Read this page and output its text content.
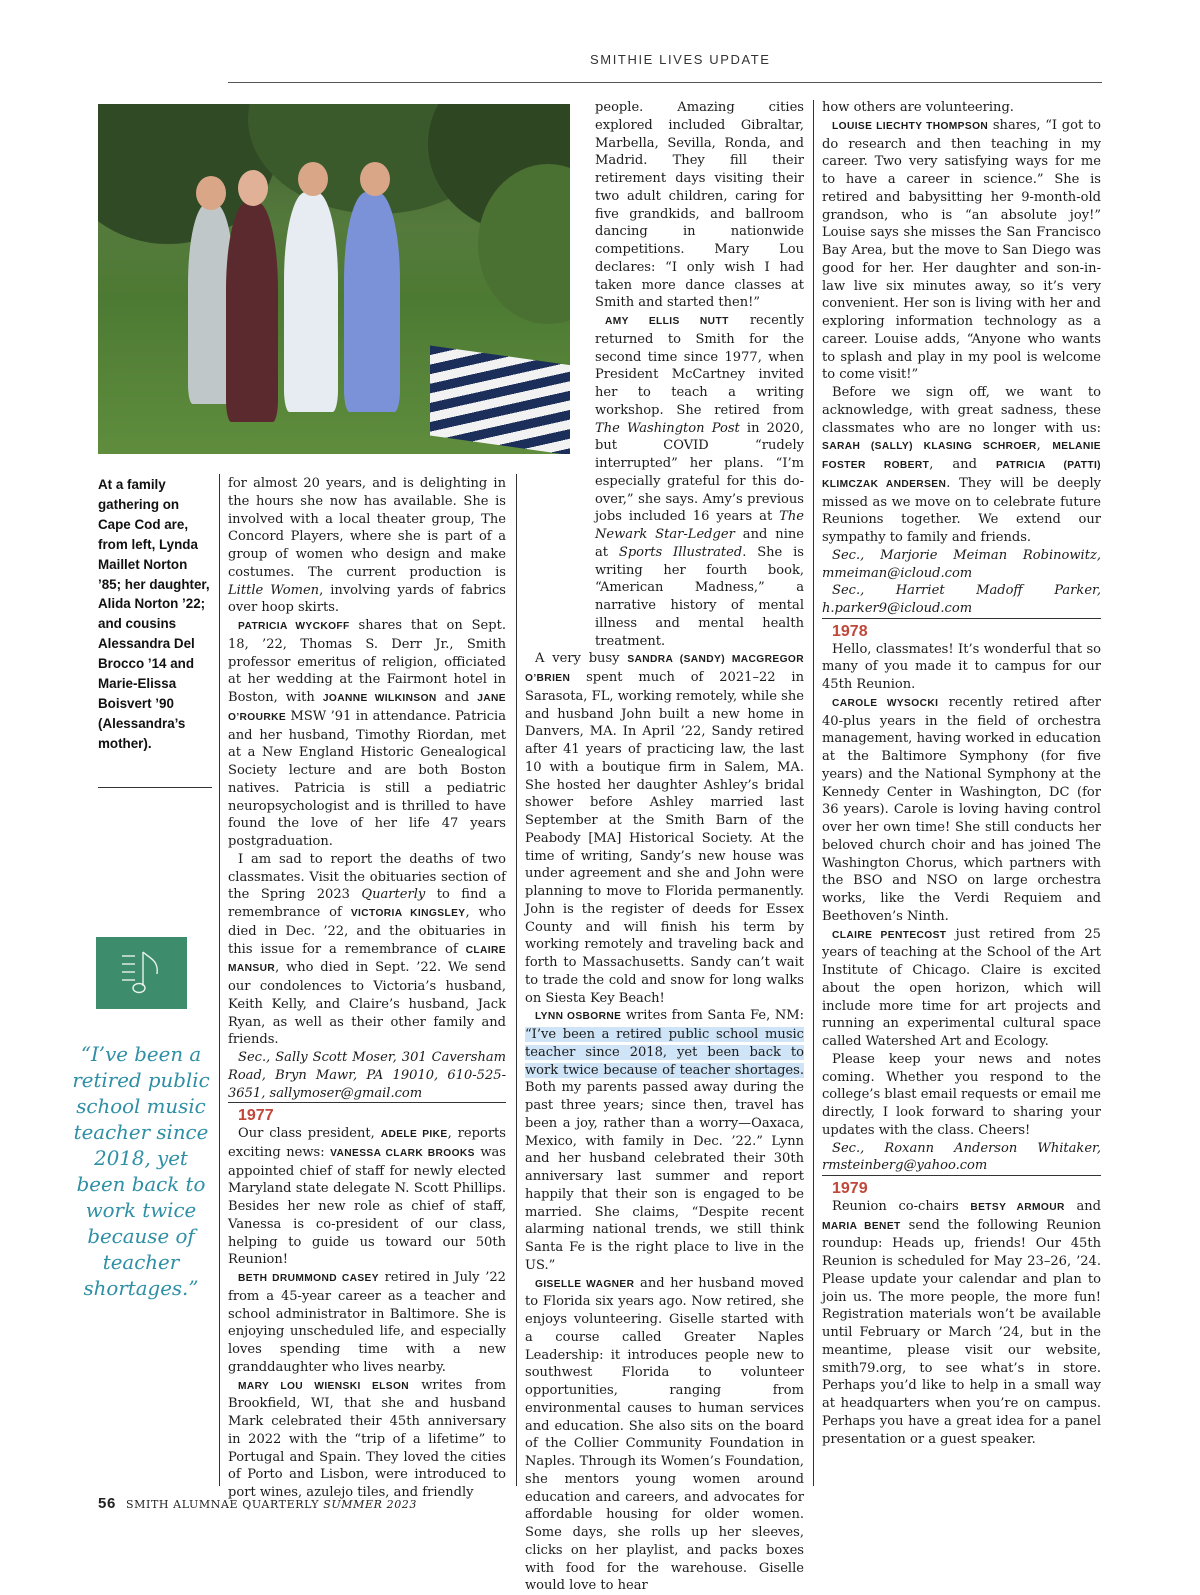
SMITHIE LIVES UPDATE

At a family gathering on Cape Cod are, from left, Lynda Maillet Norton ’85; her daughter, Alida Norton ’22; and cousins Alessandra Del Brocco ’14 and Marie-Elissa Boisvert ’90 (Alessandra’s mother).

“I’ve been a retired public school music teacher since 2018, yet been back to work twice because of teacher shortages.”

for almost 20 years, and is delighting in the hours she now has available. She is involved with a local theater group, The Concord Players, where she is part of a group of women who design and make costumes. The current production is Little Women, involving yards of fabrics over hoop skirts.

PATRICIA WYCKOFF shares that on Sept. 18, ’22, Thomas S. Derr Jr., Smith professor emeritus of religion, officiated at her wedding at the Fairmont hotel in Boston, with JOANNE WILKINSON and JANE O’ROURKE MSW ’91 in attendance. Patricia and her husband, Timothy Riordan, met at a New England Historic Genealogical Society lecture and are both Boston natives. Patricia is still a pediatric neuropsychologist and is thrilled to have found the love of her life 47 years postgraduation.

I am sad to report the deaths of two classmates. Visit the obituaries section of the Spring 2023 Quarterly to find a remembrance of VICTORIA KINGSLEY, who died in Dec. ’22, and the obituaries in this issue for a remembrance of CLAIRE MANSUR, who died in Sept. ’22. We send our condolences to Victoria’s husband, Keith Kelly, and Claire’s husband, Jack Ryan, as well as their other family and friends.

Sec., Sally Scott Moser, 301 Caversham Road, Bryn Mawr, PA 19010, 610-525-3651, sallymoser@gmail.com

1977

Our class president, ADELE PIKE, reports exciting news: VANESSA CLARK BROOKS was appointed chief of staff for newly elected Maryland state delegate N. Scott Phillips. Besides her new role as chief of staff, Vanessa is co-president of our class, helping to guide us toward our 50th Reunion!

BETH DRUMMOND CASEY retired in July ’22 from a 45-year career as a teacher and school administrator in Baltimore. She is enjoying unscheduled life, and especially loves spending time with a new granddaughter who lives nearby.

MARY LOU WIENSKI ELSON writes from Brookfield, WI, that she and husband Mark celebrated their 45th anniversary in 2022 with the “trip of a lifetime” to Portugal and Spain. They loved the cities of Porto and Lisbon, were introduced to port wines, azulejo tiles, and friendly

people. Amazing cities explored included Gibraltar, Marbella, Sevilla, Ronda, and Madrid. They fill their retirement days visiting their two adult children, caring for five grandkids, and ballroom dancing in nationwide competitions. Mary Lou declares: “I only wish I had taken more dance classes at Smith and started then!”

AMY ELLIS NUTT recently returned to Smith for the second time since 1977, when President McCartney invited her to teach a writing workshop. She retired from The Washington Post in 2020, but COVID “rudely interrupted” her plans. “I’m especially grateful for this do-over,” she says. Amy’s previous jobs included 16 years at The Newark Star-Ledger and nine at Sports Illustrated. She is writing her fourth book, “American Madness,” a narrative history of mental illness and mental health treatment.

A very busy SANDRA (SANDY) MACGREGOR O’BRIEN spent much of 2021–22 in Sarasota, FL, working remotely, while she and husband John built a new home in Danvers, MA. In April ’22, Sandy retired after 41 years of practicing law, the last 10 with a boutique firm in Salem, MA. She hosted her daughter Ashley’s bridal shower before Ashley married last September at the Smith Barn of the Peabody [MA] Historical Society. At the time of writing, Sandy’s new house was under agreement and she and John were planning to move to Florida permanently. John is the register of deeds for Essex County and will finish his term by working remotely and traveling back and forth to Massachusetts. Sandy can’t wait to trade the cold and snow for long walks on Siesta Key Beach!

LYNN OSBORNE writes from Santa Fe, NM: “I’ve been a retired public school music teacher since 2018, yet been back to work twice because of teacher shortages. Both my parents passed away during the past three years; since then, travel has been a joy, rather than a worry—Oaxaca, Mexico, with family in Dec. ’22.” Lynn and her husband celebrated their 30th anniversary last summer and report happily that their son is engaged to be married. She claims, “Despite recent alarming national trends, we still think Santa Fe is the right place to live in the US.”

GISELLE WAGNER and her husband moved to Florida six years ago. Now retired, she enjoys volunteering. Giselle started with a course called Greater Naples Leadership: it introduces people new to southwest Florida to volunteer opportunities, ranging from environmental causes to human services and education. She also sits on the board of the Collier Community Foundation in Naples. Through its Women’s Foundation, she mentors young women around education and careers, and advocates for affordable housing for older women. Some days, she rolls up her sleeves, clicks on her playlist, and packs boxes with food for the warehouse. Giselle would love to hear

how others are volunteering.

LOUISE LIECHTY THOMPSON shares, “I got to do research and then teaching in my career. Two very satisfying ways for me to have a career in science.” She is retired and babysitting her 9-month-old grandson, who is “an absolute joy!” Louise says she misses the San Francisco Bay Area, but the move to San Diego was good for her. Her daughter and son-in-law live six minutes away, so it’s very convenient. Her son is living with her and exploring information technology as a career. Louise adds, “Anyone who wants to splash and play in my pool is welcome to come visit!”

Before we sign off, we want to acknowledge, with great sadness, these classmates who are no longer with us: SARAH (SALLY) KLASING SCHROER, MELANIE FOSTER ROBERT, and PATRICIA (PATTI) KLIMCZAK ANDERSEN. They will be deeply missed as we move on to celebrate future Reunions together. We extend our sympathy to family and friends.

Sec., Marjorie Meiman Robinowitz, mmeiman@icloud.com

Sec., Harriet Madoff Parker, h.parker9@icloud.com

1978

Hello, classmates! It’s wonderful that so many of you made it to campus for our 45th Reunion.

CAROLE WYSOCKI recently retired after 40-plus years in the field of orchestra management, having worked in education at the Baltimore Symphony (for five years) and the National Symphony at the Kennedy Center in Washington, DC (for 36 years). Carole is loving having control over her own time! She still conducts her beloved church choir and has joined The Washington Chorus, which partners with the BSO and NSO on large orchestra works, like the Verdi Requiem and Beethoven’s Ninth.

CLAIRE PENTECOST just retired from 25 years of teaching at the School of the Art Institute of Chicago. Claire is excited about the open horizon, which will include more time for art projects and running an experimental cultural space called Watershed Art and Ecology.

Please keep your news and notes coming. Whether you respond to the college’s blast email requests or email me directly, I look forward to sharing your updates with the class. Cheers!

Sec., Roxann Anderson Whitaker, rmsteinberg@yahoo.com

1979

Reunion co-chairs BETSY ARMOUR and MARIA BENET send the following Reunion roundup: Heads up, friends! Our 45th Reunion is scheduled for May 23–26, ’24. Please update your calendar and plan to join us. The more people, the more fun! Registration materials won’t be available until February or March ’24, but in the meantime, please visit our website, smith79.org, to see what’s in store. Perhaps you’d like to help in a small way at headquarters when you’re on campus. Perhaps you have a great idea for a panel presentation or a guest speaker.

56 SMITH ALUMNAE QUARTERLY SUMMER 2023
